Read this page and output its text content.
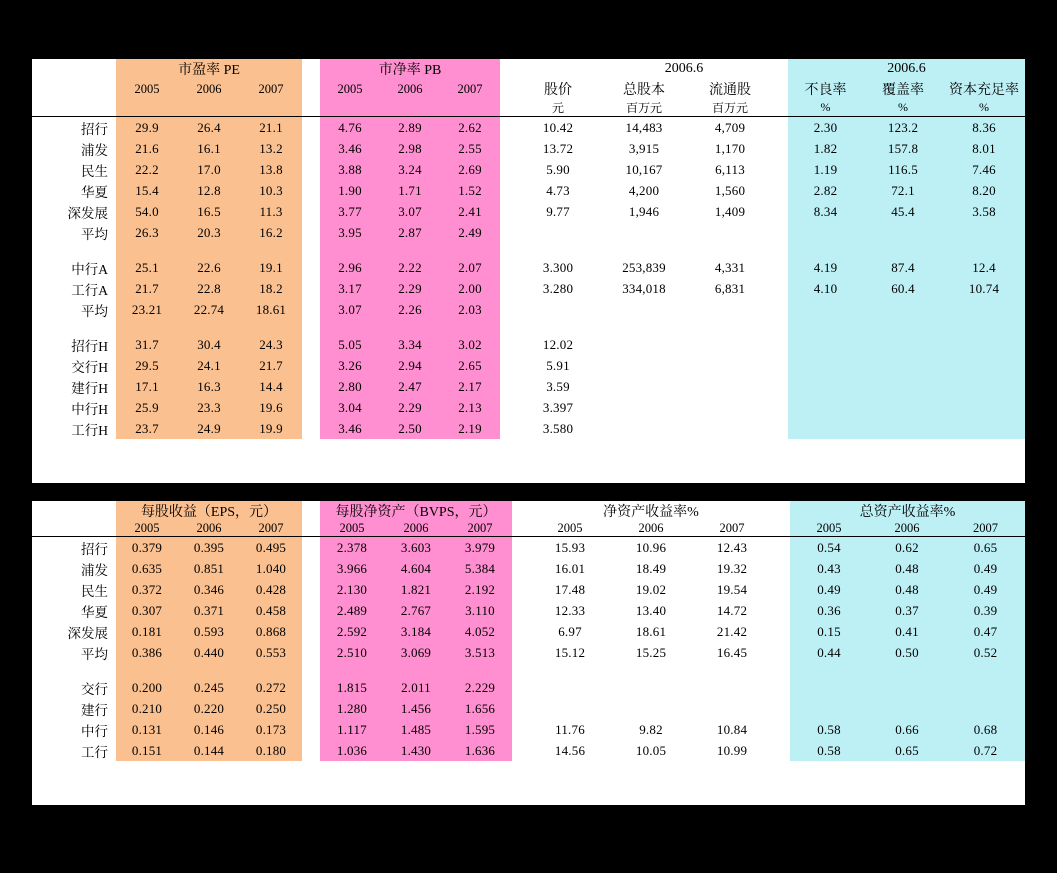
	市盈率 PE				市净率 PB					2006.6			2006.6		
	2005	2006	2007		2005	2006	2007		股价	总股本	流通股		不良率	覆盖率	资本充足率
									元	百万元	百万元		%	%	%
招行	29.9	26.4	21.1		4.76	2.89	2.62		10.42	14,483	4,709		2.30	123.2	8.36
浦发	21.6	16.1	13.2		3.46	2.98	2.55		13.72	3,915	1,170		1.82	157.8	8.01
民生	22.2	17.0	13.8		3.88	3.24	2.69		5.90	10,167	6,113		1.19	116.5	7.46
华夏	15.4	12.8	10.3		1.90	1.71	1.52		4.73	4,200	1,560		2.82	72.1	8.20
深发展	54.0	16.5	11.3		3.77	3.07	2.41		9.77	1,946	1,409		8.34	45.4	3.58
平均	26.3	20.3	16.2		3.95	2.87	2.49								

中行A	25.1	22.6	19.1		2.96	2.22	2.07		3.300	253,839	4,331		4.19	87.4	12.4
工行A	21.7	22.8	18.2		3.17	2.29	2.00		3.280	334,018	6,831		4.10	60.4	10.74
平均	23.21	22.74	18.61		3.07	2.26	2.03								

招行H	31.7	30.4	24.3		5.05	3.34	3.02		12.02						
交行H	29.5	24.1	21.7		3.26	2.94	2.65		5.91						
建行H	17.1	16.3	14.4		2.80	2.47	2.17		3.59						
中行H	25.9	23.3	19.6		3.04	2.29	2.13		3.397						
工行H	23.7	24.9	19.9		3.46	2.50	2.19		3.580						
	每股收益（EPS，元）				每股净资产（BVPS，元）				净资产收益率%				总资产收益率%		
	2005	2006	2007		2005	2006	2007		2005	2006	2007		2005	2006	2007
招行	0.379	0.395	0.495		2.378	3.603	3.979		15.93	10.96	12.43		0.54	0.62	0.65
浦发	0.635	0.851	1.040		3.966	4.604	5.384		16.01	18.49	19.32		0.43	0.48	0.49
民生	0.372	0.346	0.428		2.130	1.821	2.192		17.48	19.02	19.54		0.49	0.48	0.49
华夏	0.307	0.371	0.458		2.489	2.767	3.110		12.33	13.40	14.72		0.36	0.37	0.39
深发展	0.181	0.593	0.868		2.592	3.184	4.052		6.97	18.61	21.42		0.15	0.41	0.47
平均	0.386	0.440	0.553		2.510	3.069	3.513		15.12	15.25	16.45		0.44	0.50	0.52

交行	0.200	0.245	0.272		1.815	2.011	2.229								
建行	0.210	0.220	0.250		1.280	1.456	1.656								
中行	0.131	0.146	0.173		1.117	1.485	1.595		11.76	9.82	10.84		0.58	0.66	0.68
工行	0.151	0.144	0.180		1.036	1.430	1.636		14.56	10.05	10.99		0.58	0.65	0.72
